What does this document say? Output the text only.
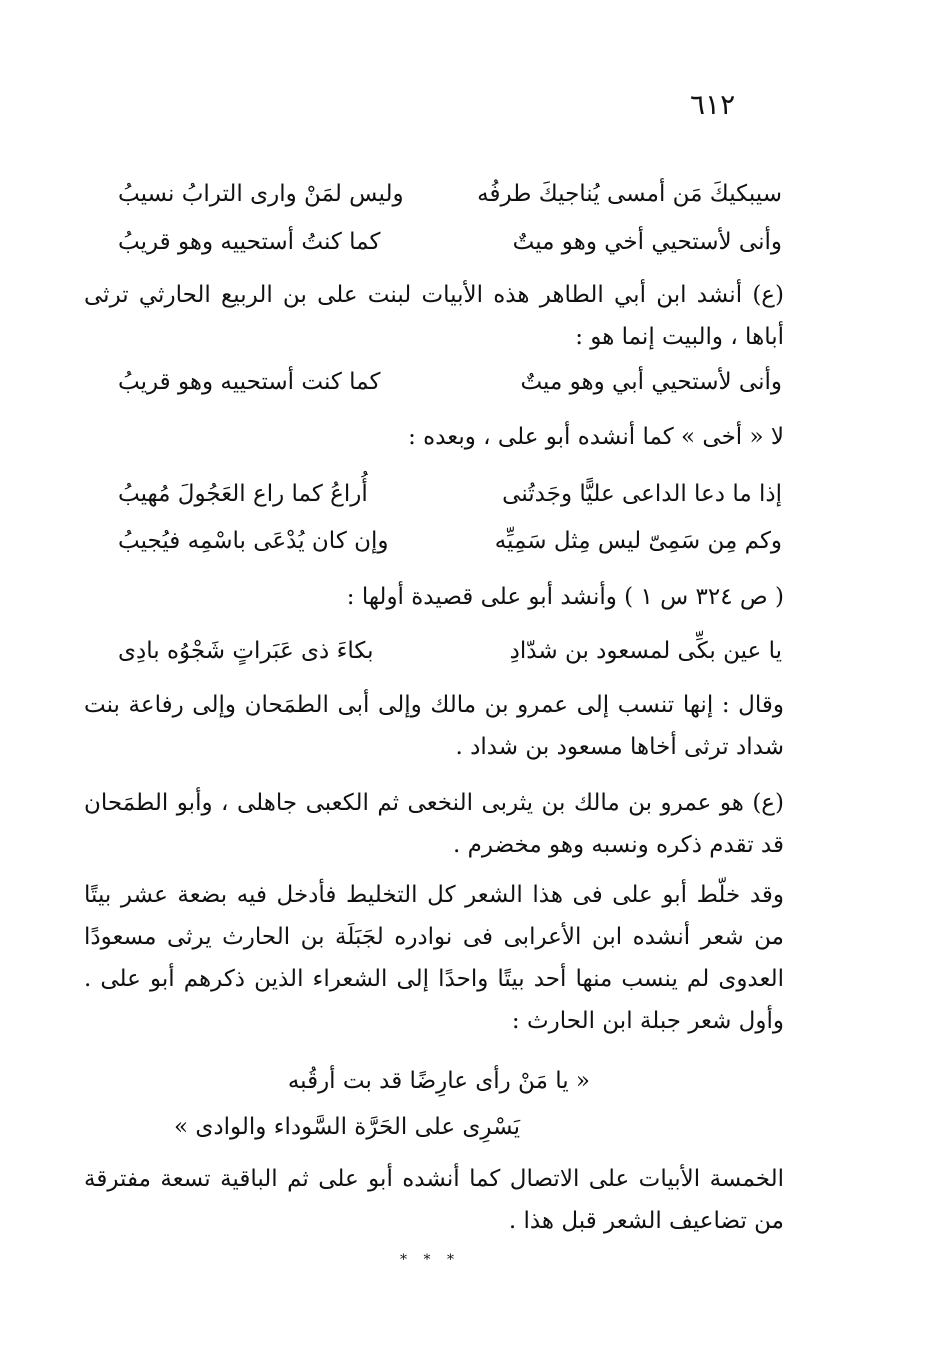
٦١٢
سيبكيكَ مَن أمسى يُناجيكَ طرفُه
وليس لمَنْ وارى الترابُ نسيبُ
وأنى لأستحيي أخي وهو ميتٌ
كما كنتُ أستحييه وهو قريبُ
(ع) أنشد ابن أبي الطاهر هذه الأبيات لبنت على بن الربيع الحارثي ترثى أباها ، والبيت إنما هو :
وأنى لأستحيي أبي وهو ميتٌ
كما كنت أستحييه وهو قريبُ
لا « أخى » كما أنشده أبو على ، وبعده :
إذا ما دعا الداعى عليًّا وجَدتُنى
أُراعُ كما راع العَجُولَ مُهيبُ
وكم مِن سَمِىّ ليس مِثل سَمِيِّه
وإن كان يُدْعَى باسْمِه فيُجيبُ
( ص ٣٢٤ س ١ ) وأنشد أبو على قصيدة أولها :
يا عين بكِّى لمسعود بن شدّادِ
بكاءَ ذى عَبَراتٍ شَجْوُه بادِى
وقال : إنها تنسب إلى عمرو بن مالك وإلى أبى الطمَحان وإلى رفاعة بنت شداد ترثى أخاها مسعود بن شداد .
(ع) هو عمرو بن مالك بن يثربى النخعى ثم الكعبى جاهلى ، وأبو الطمَحان قد تقدم ذكره ونسبه وهو مخضرم .
وقد خلّط أبو على فى هذا الشعر كل التخليط فأدخل فيه بضعة عشر بيتًا من شعر أنشده ابن الأعرابى فى نوادره لجَبَلَة بن الحارث يرثى مسعودًا العدوى لم ينسب منها أحد بيتًا واحدًا إلى الشعراء الذين ذكرهم أبو على . وأول شعر جبلة ابن الحارث :
« يا مَنْ رأى عارِضًا قد بت أرقُبه
يَسْرِى على الحَرَّة السَّوداء والوادى »
الخمسة الأبيات على الاتصال كما أنشده أبو على ثم الباقية تسعة مفترقة من تضاعيف الشعر قبل هذا .
* * *
